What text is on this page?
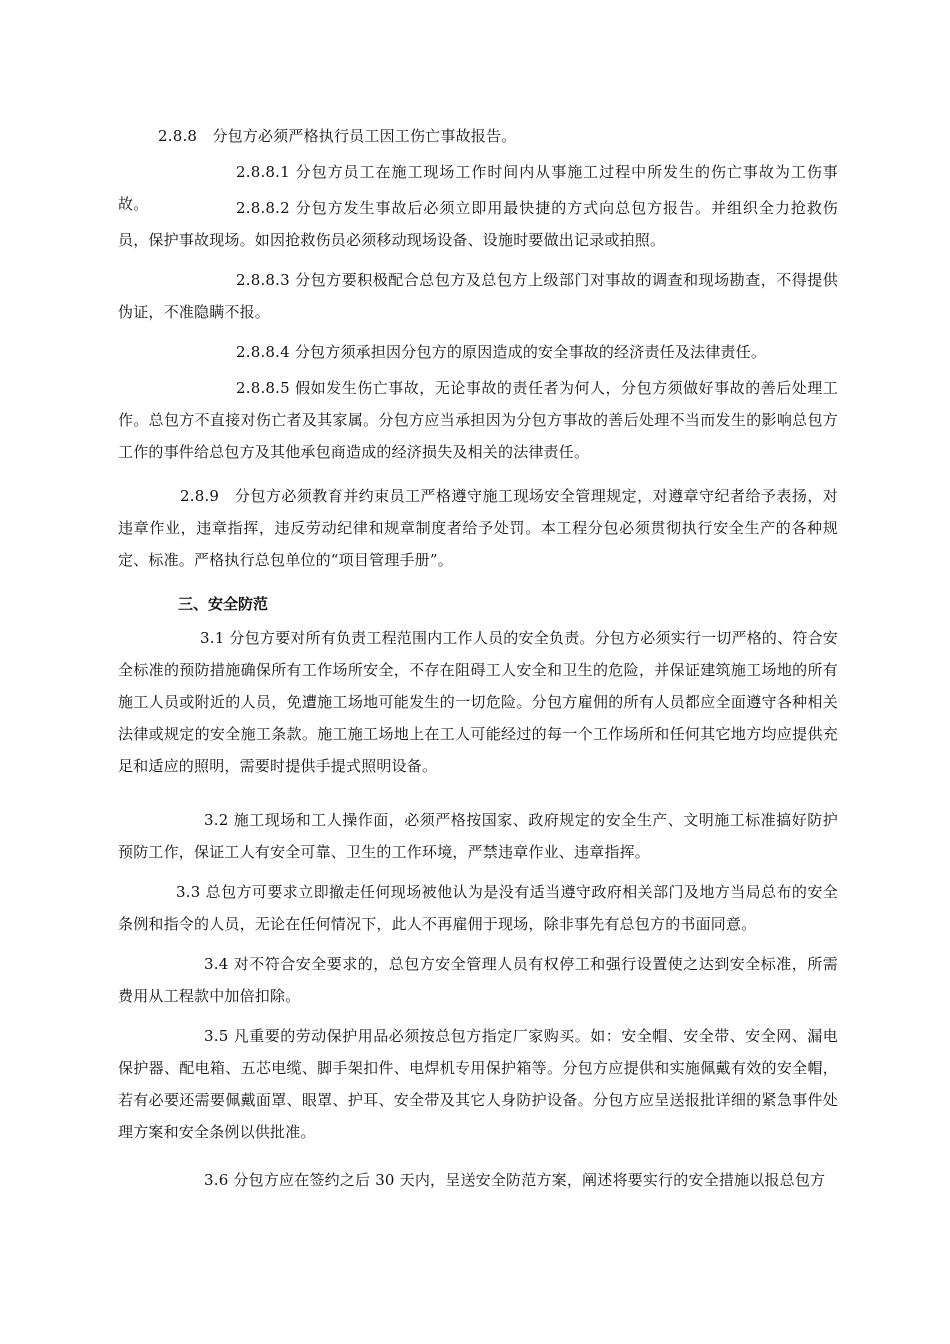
2.8.8　分包方必须严格执行员工因工伤亡事故报告。

2.8.8.1 分包方员工在施工现场工作时间内从事施工过程中所发生的伤亡事故为工伤事故。	2.8.8.2 分包方发生事故后必须立即用最快捷的方式向总包方报告。并组织全力抢救伤员，保护事故现场。如因抢救伤员必须移动现场设备、设施时要做出记录或拍照。

2.8.8.3 分包方要积极配合总包方及总包方上级部门对事故的调查和现场勘查，不得提供伪证，不准隐瞒不报。

2.8.8.4 分包方须承担因分包方的原因造成的安全事故的经济责任及法律责任。

2.8.8.5 假如发生伤亡事故，无论事故的责任者为何人，分包方须做好事故的善后处理工作。总包方不直接对伤亡者及其家属。分包方应当承担因为分包方事故的善后处理不当而发生的影响总包方工作的事件给总包方及其他承包商造成的经济损失及相关的法律责任。

2.8.9　分包方必须教育并约束员工严格遵守施工现场安全管理规定，对遵章守纪者给予表扬，对违章作业，违章指挥，违反劳动纪律和规章制度者给予处罚。本工程分包必须贯彻执行安全生产的各种规定、标准。严格执行总包单位的“项目管理手册”。

三、安全防范

3.1 分包方要对所有负责工程范围内工作人员的安全负责。分包方必须实行一切严格的、符合安全标准的预防措施确保所有工作场所安全，不存在阻碍工人安全和卫生的危险，并保证建筑施工场地的所有施工人员或附近的人员，免遭施工场地可能发生的一切危险。分包方雇佣的所有人员都应全面遵守各种相关法律或规定的安全施工条款。施工施工场地上在工人可能经过的每一个工作场所和任何其它地方均应提供充足和适应的照明，需要时提供手提式照明设备。

3.2 施工现场和工人操作面，必须严格按国家、政府规定的安全生产、文明施工标准搞好防护预防工作，保证工人有安全可靠、卫生的工作环境，严禁违章作业、违章指挥。

3.3 总包方可要求立即撤走任何现场被他认为是没有适当遵守政府相关部门及地方当局总布的安全条例和指令的人员，无论在任何情况下，此人不再雇佣于现场，除非事先有总包方的书面同意。

3.4 对不符合安全要求的，总包方安全管理人员有权停工和强行设置使之达到安全标准，所需费用从工程款中加倍扣除。

3.5 凡重要的劳动保护用品必须按总包方指定厂家购买。如：安全帽、安全带、安全网、漏电保护器、配电箱、五芯电缆、脚手架扣件、电焊机专用保护箱等。分包方应提供和实施佩戴有效的安全帽，若有必要还需要佩戴面罩、眼罩、护耳、安全带及其它人身防护设备。分包方应呈送报批详细的紧急事件处理方案和安全条例以供批准。

3.6 分包方应在签约之后 30 天内，呈送安全防范方案，阐述将要实行的安全措施以报总包方
